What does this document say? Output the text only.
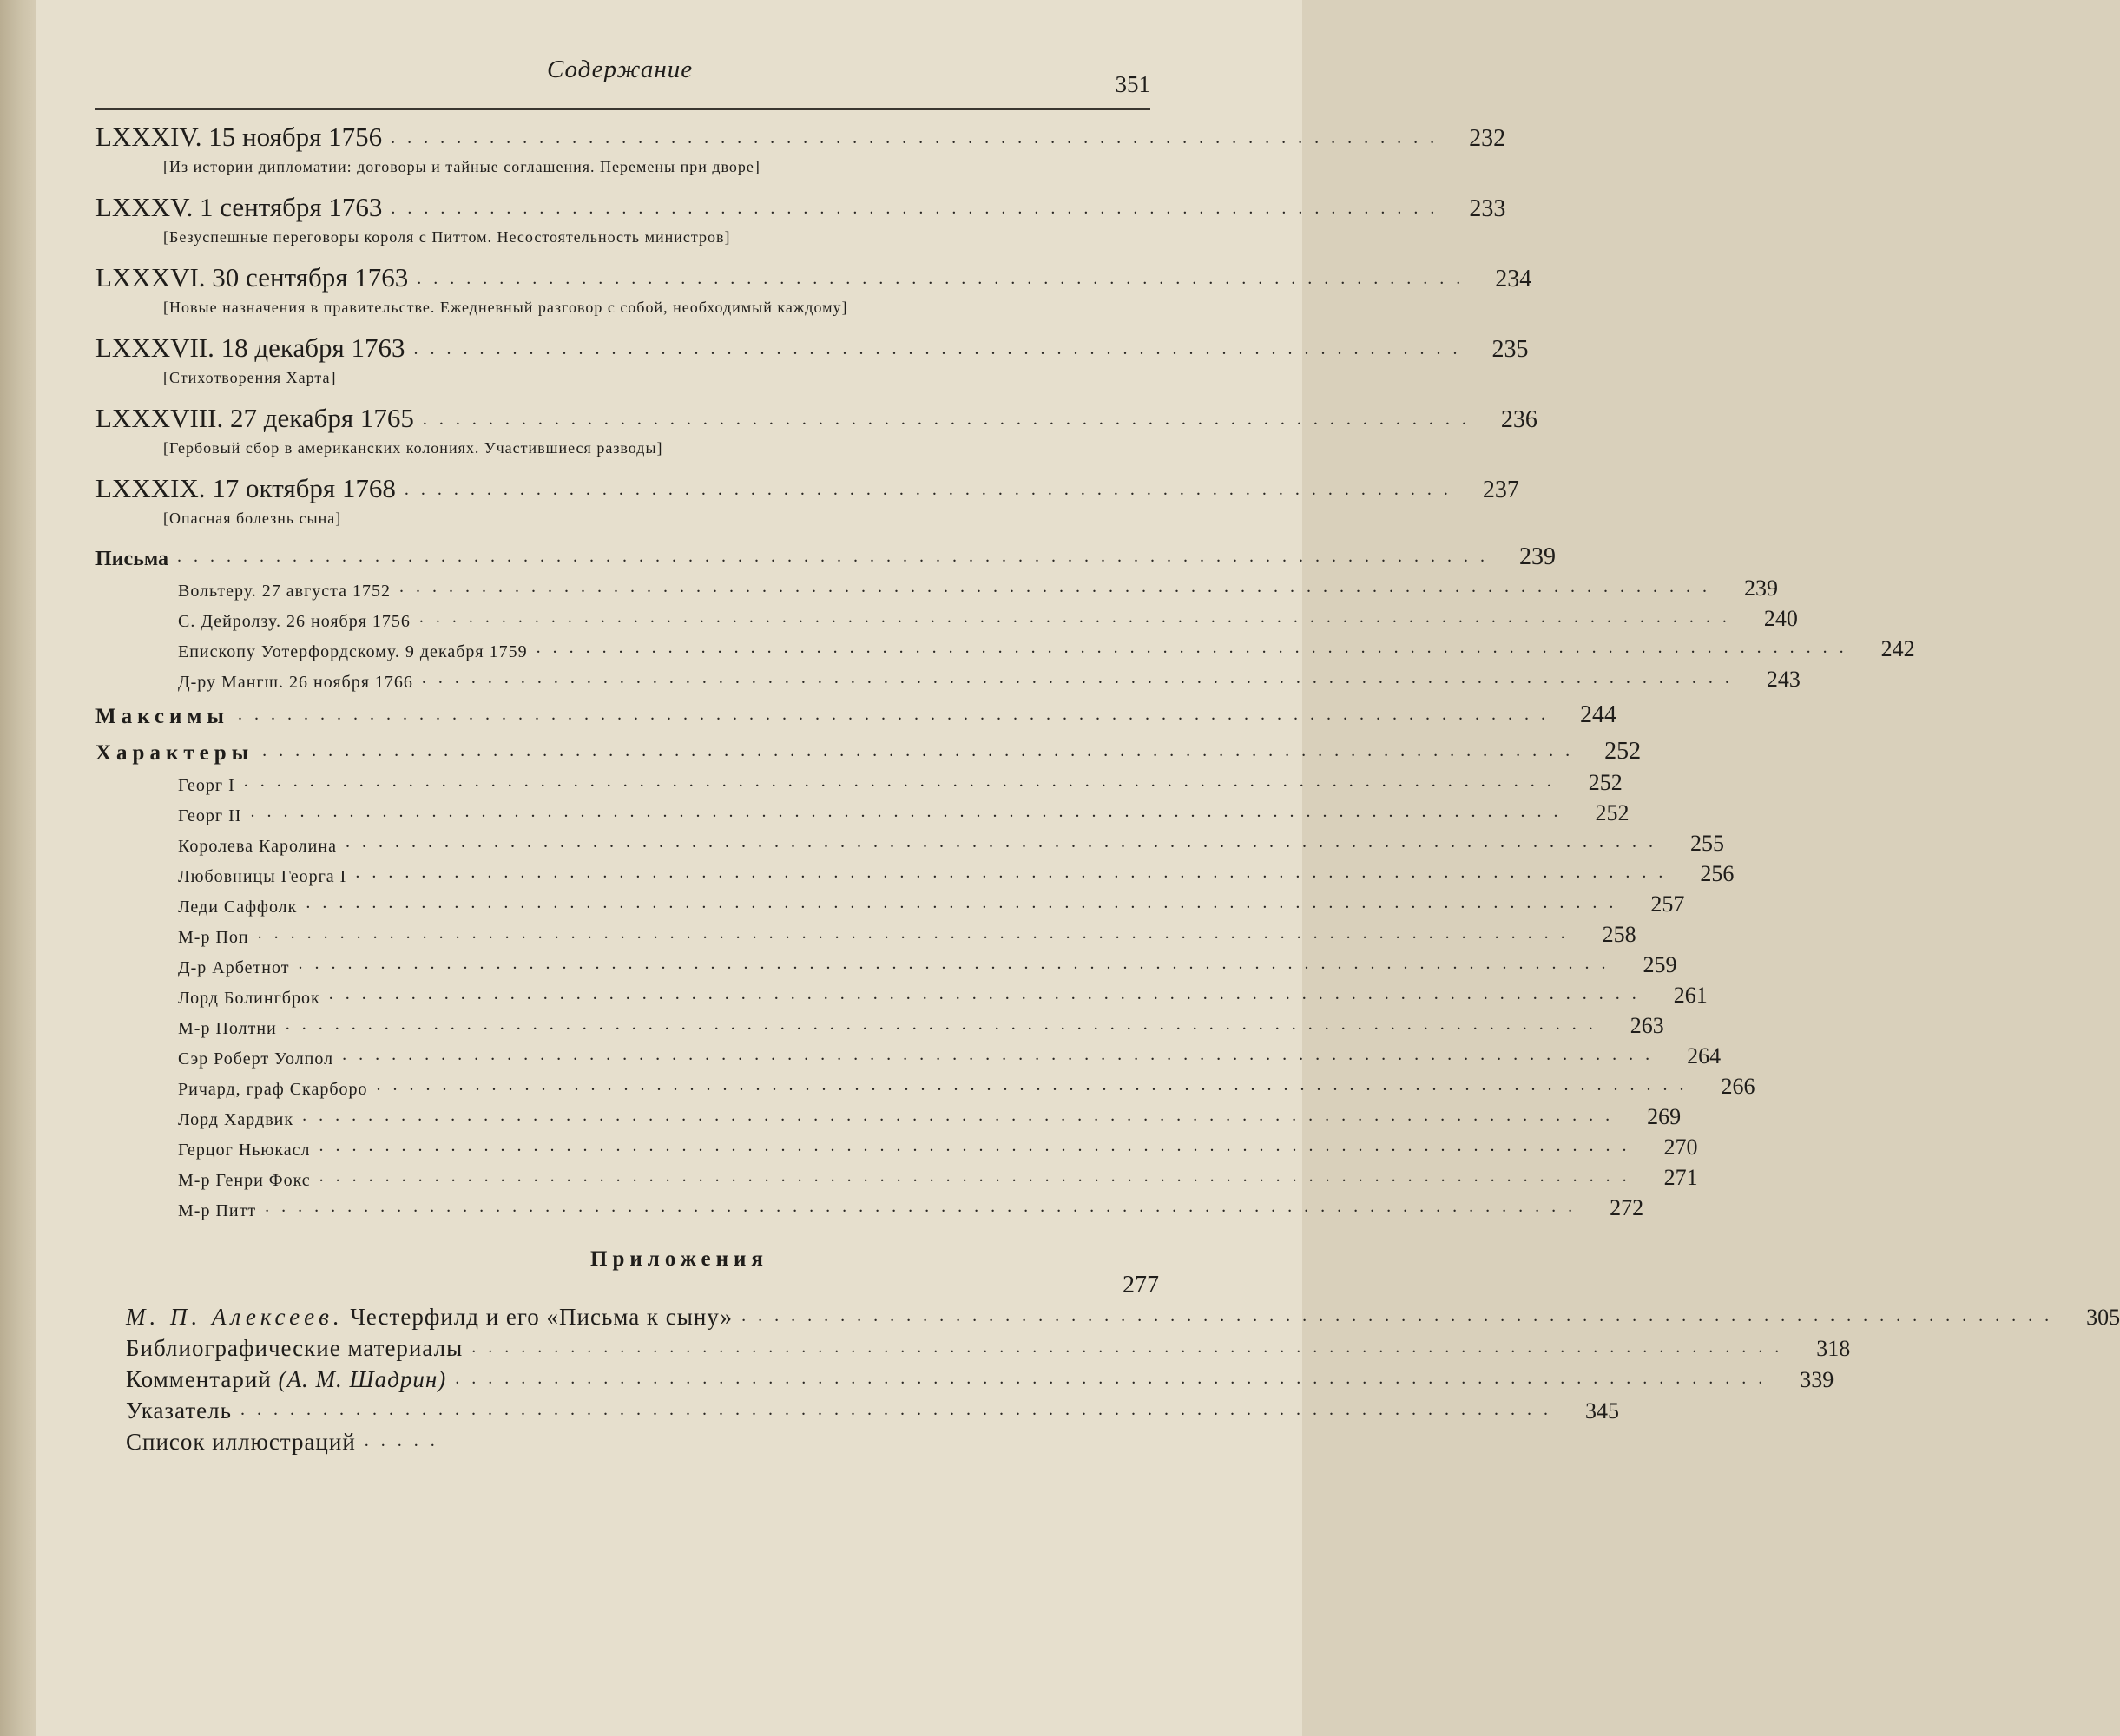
Содержание
351
LXXXIV. 15 ноября 1756 ................................................................ 232
[Из истории дипломатии: договоры и тайные соглашения. Перемены при дворе]
LXXXV. 1 сентября 1763 ................................................................ 233
[Безуспешные переговоры короля с Питтом. Несостоятельность министров]
LXXXVI. 30 сентября 1763 ................................................................ 234
[Новые назначения в правительстве. Ежедневный разговор с собой, необходимый каждому]
LXXXVII. 18 декабря 1763 ................................................................ 235
[Стихотворения Харта]
LXXXVIII. 27 декабря 1765 ................................................................ 236
[Гербовый сбор в американских колониях. Участившиеся разводы]
LXXXIX. 17 октября 1768 ................................................................ 237
[Опасная болезнь сына]
Письма ................................................................................ 239
Вольтеру. 27 августа 1752 ................................................................................	239
С. Дейролзу. 26 ноября 1756 ................................................................................	240
Епископу Уотерфордскому. 9 декабря 1759 ................................................................................	242
Д-ру Мангш. 26 ноября 1766 ................................................................................	243
Максимы ................................................................................ 244
Характеры ................................................................................ 252
Георг I ................................................................................	252
Георг II ................................................................................	252
Королева Каролина ................................................................................	255
Любовницы Георга I ................................................................................	256
Леди Саффолк ................................................................................	257
М-р Поп ................................................................................	258
Д-р Арбетнот ................................................................................	259
Лорд Болингброк ................................................................................	261
М-р Полтни ................................................................................	263
Сэр Роберт Уолпол ................................................................................	264
Ричард, граф Скарборо ................................................................................	266
Лорд Хардвик ................................................................................	269
Герцог Ньюкасл ................................................................................	270
М-р Генри Фокс ................................................................................	271
М-р Питт ................................................................................	272
Приложения
277
М. П. Алексеев. Честерфилд и его «Письма к сыну» ................................................................................	305
Библиографические материалы ................................................................................	318
Комментарий (А. М. Шадрин) ................................................................................	339
Указатель ................................................................................	345
Список иллюстраций .....
